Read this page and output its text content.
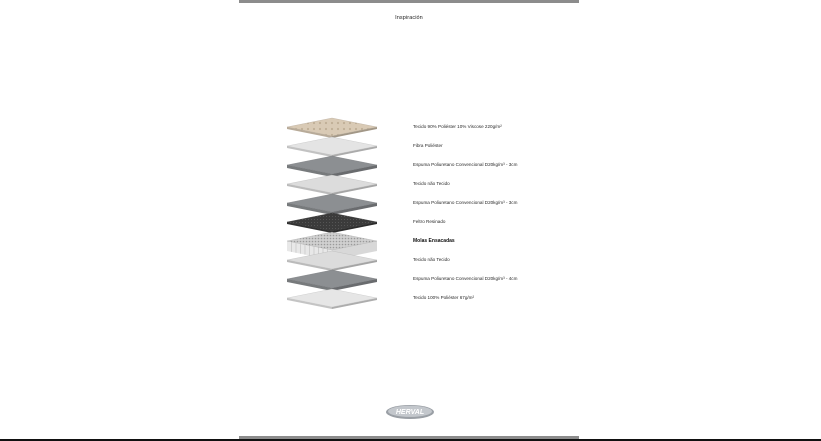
Inspiración
Tecido 90% Poliéster 10% Viscose 220g/m²
Fibra Poliéster
Espuma Poliuretano Convencional D20kg/m³ - 3cm
Tecido não Tecido
Espuma Poliuretano Convencional D20kg/m³ - 3cm
Feltro Resinado
Molas Ensacadas
Tecido não Tecido
Espuma Poliuretano Convencional D20kg/m³ - 4cm
Tecido 100% Poliéster 67g/m²
HERVAL
